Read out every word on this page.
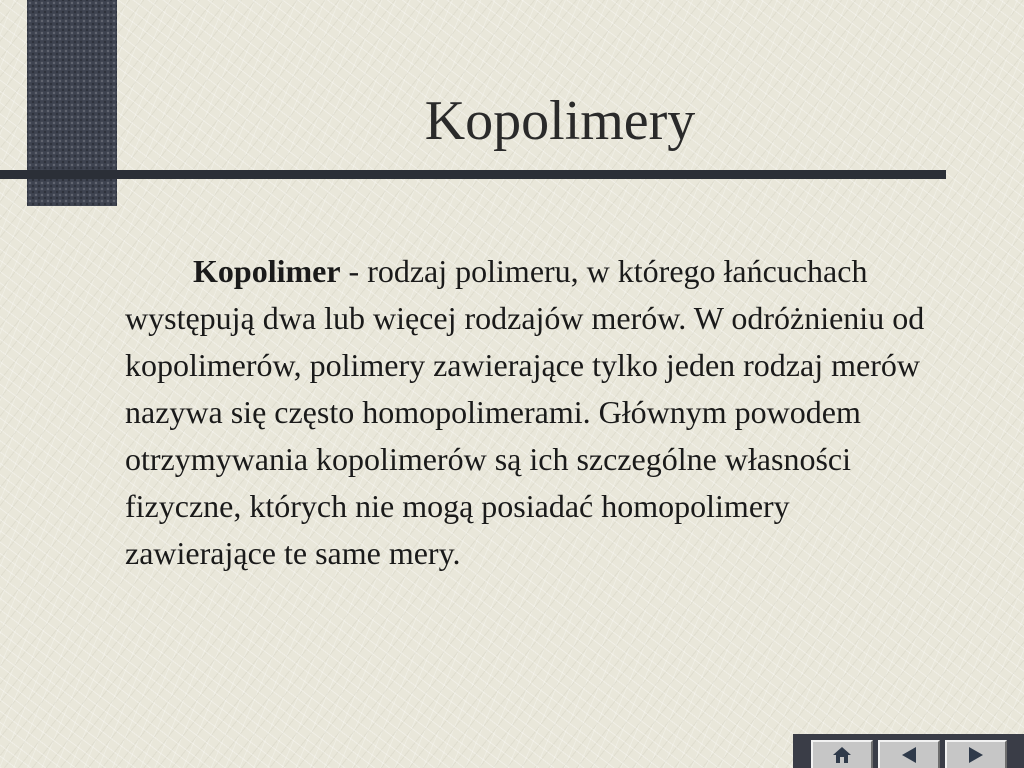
Kopolimery

Kopolimer - rodzaj polimeru, w którego łańcuchach występują dwa lub więcej rodzajów merów. W odróżnieniu od kopolimerów, polimery zawierające tylko jeden rodzaj merów nazywa się często homopolimerami. Głównym powodem otrzymywania kopolimerów są ich szczególne własności fizyczne, których nie mogą posiadać homopolimery zawierające te same mery.
